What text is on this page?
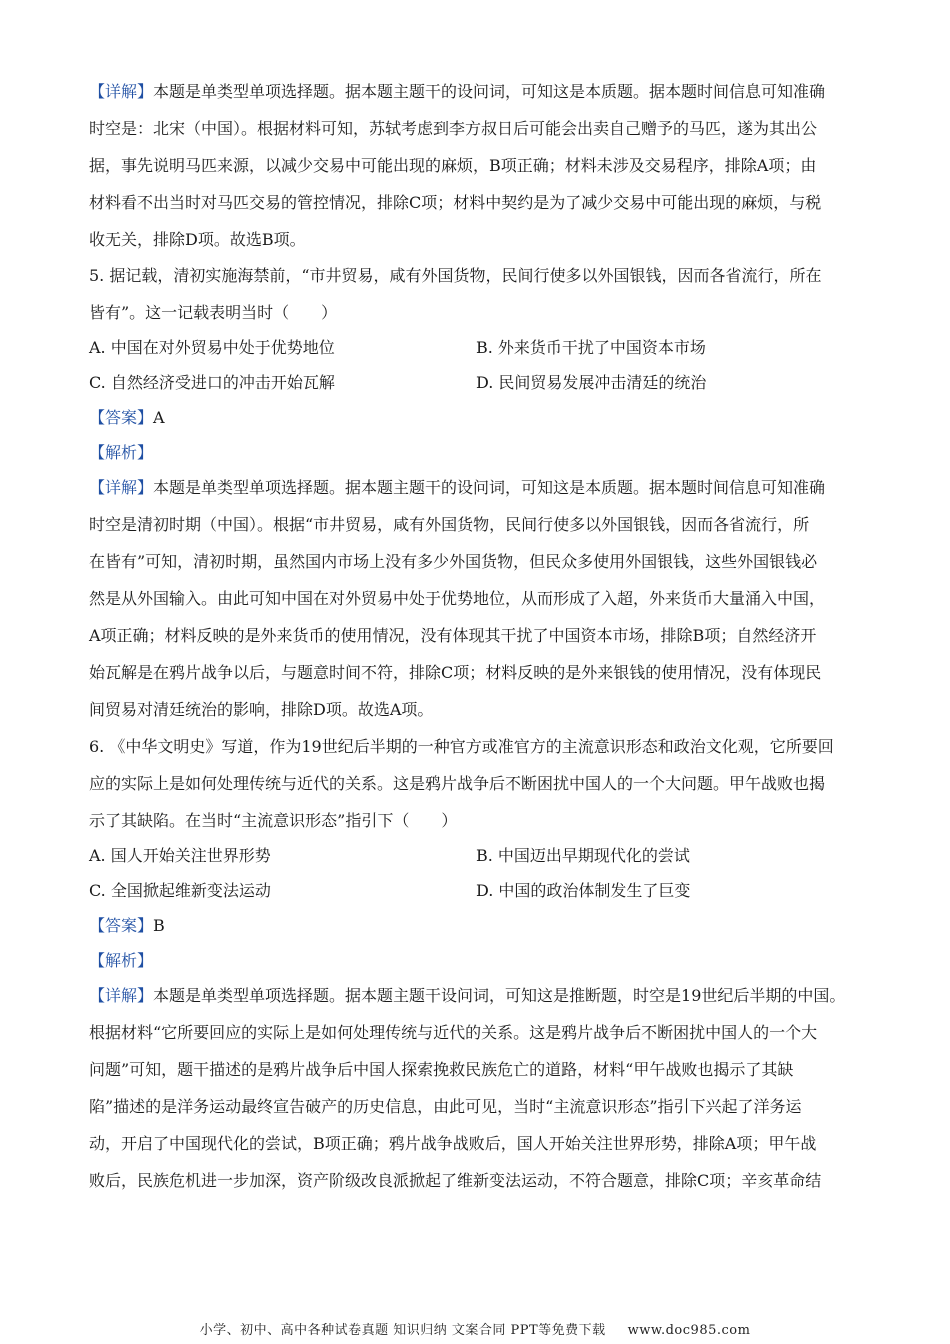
【详解】本题是单类型单项选择题。据本题主题干的设问词，可知这是本质题。据本题时间信息可知准确
时空是：北宋（中国）。根据材料可知，苏轼考虑到李方叔日后可能会出卖自己赠予的马匹，遂为其出公
据，事先说明马匹来源，以减少交易中可能出现的麻烦，B项正确；材料未涉及交易程序，排除A项；由
材料看不出当时对马匹交易的管控情况，排除C项；材料中契约是为了减少交易中可能出现的麻烦，与税
收无关，排除D项。故选B项。
5. 据记载，清初实施海禁前，“市井贸易，咸有外国货物，民间行使多以外国银钱，因而各省流行，所在
皆有”。这一记载表明当时（　　）
A. 中国在对外贸易中处于优势地位	B. 外来货币干扰了中国资本市场
C. 自然经济受进口的冲击开始瓦解	D. 民间贸易发展冲击清廷的统治
【答案】A
【解析】
【详解】本题是单类型单项选择题。据本题主题干的设问词，可知这是本质题。据本题时间信息可知准确
时空是清初时期（中国）。根据“市井贸易，咸有外国货物，民间行使多以外国银钱，因而各省流行，所
在皆有”可知，清初时期，虽然国内市场上没有多少外国货物，但民众多使用外国银钱，这些外国银钱必
然是从外国输入。由此可知中国在对外贸易中处于优势地位，从而形成了入超，外来货币大量涌入中国，
A项正确；材料反映的是外来货币的使用情况，没有体现其干扰了中国资本市场，排除B项；自然经济开
始瓦解是在鸦片战争以后，与题意时间不符，排除C项；材料反映的是外来银钱的使用情况，没有体现民
间贸易对清廷统治的影响，排除D项。故选A项。
6. 《中华文明史》写道，作为19世纪后半期的一种官方或准官方的主流意识形态和政治文化观，它所要回
应的实际上是如何处理传统与近代的关系。这是鸦片战争后不断困扰中国人的一个大问题。甲午战败也揭
示了其缺陷。在当时“主流意识形态”指引下（　　）
A. 国人开始关注世界形势	B. 中国迈出早期现代化的尝试
C. 全国掀起维新变法运动	D. 中国的政治体制发生了巨变
【答案】B
【解析】
【详解】本题是单类型单项选择题。据本题主题干设问词，可知这是推断题，时空是19世纪后半期的中国。
根据材料“它所要回应的实际上是如何处理传统与近代的关系。这是鸦片战争后不断困扰中国人的一个大
问题”可知，题干描述的是鸦片战争后中国人探索挽救民族危亡的道路，材料“甲午战败也揭示了其缺
陷”描述的是洋务运动最终宣告破产的历史信息，由此可见，当时“主流意识形态”指引下兴起了洋务运
动，开启了中国现代化的尝试，B项正确；鸦片战争战败后，国人开始关注世界形势，排除A项；甲午战
败后，民族危机进一步加深，资产阶级改良派掀起了维新变法运动，不符合题意，排除C项；辛亥革命结
小学、初中、高中各种试卷真题 知识归纳 文案合同 PPT等免费下载 www.doc985.com
